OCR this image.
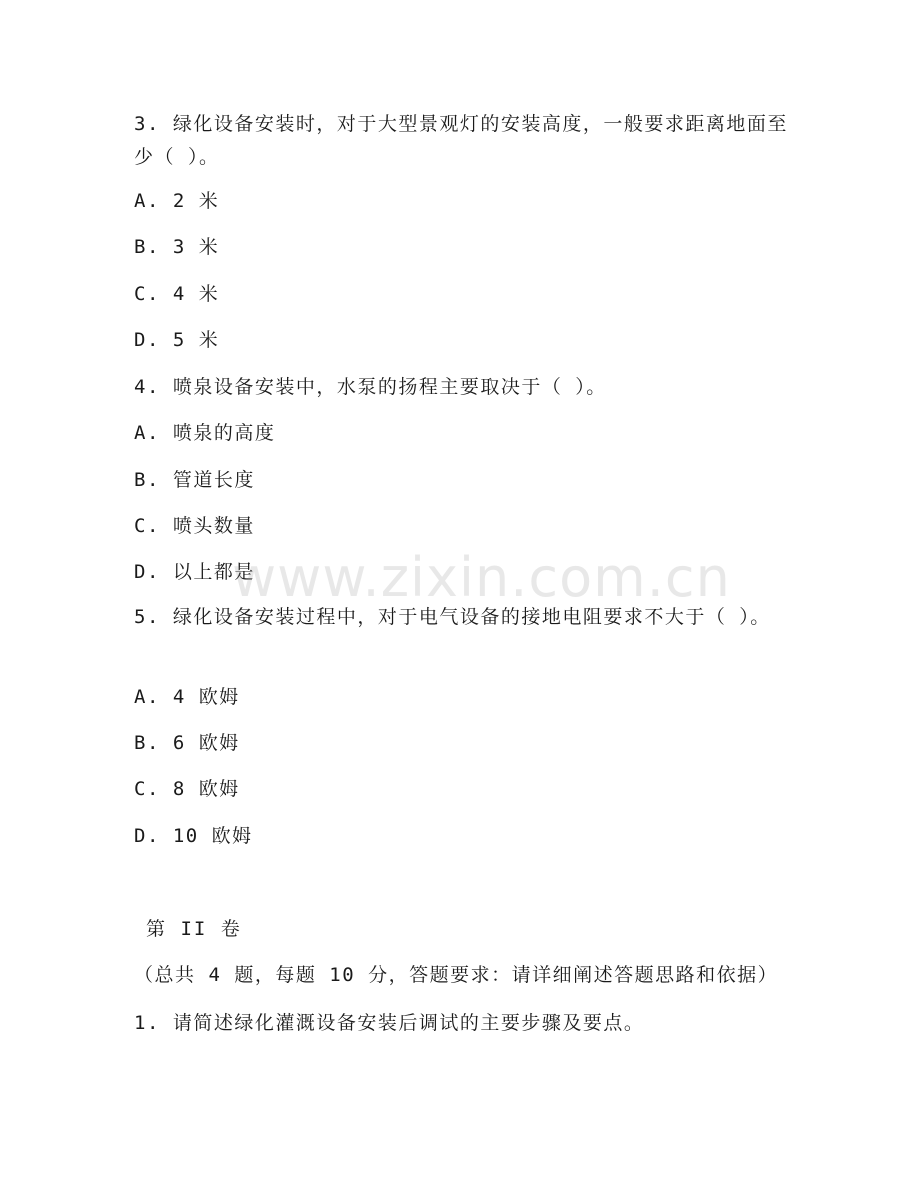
3. 绿化设备安装时，对于大型景观灯的安装高度，一般要求距离地面至少（ ）。
A. 2 米
B. 3 米
C. 4 米
D. 5 米
4. 喷泉设备安装中，水泵的扬程主要取决于（ ）。
A. 喷泉的高度
B. 管道长度
C. 喷头数量
D. 以上都是
5. 绿化设备安装过程中，对于电气设备的接地电阻要求不大于（ ）。
A. 4 欧姆
B. 6 欧姆
C. 8 欧姆
D. 10 欧姆
第 II 卷
（总共 4 题，每题 10 分，答题要求：请详细阐述答题思路和依据）
1. 请简述绿化灌溉设备安装后调试的主要步骤及要点。
www.zixin.com.cn
